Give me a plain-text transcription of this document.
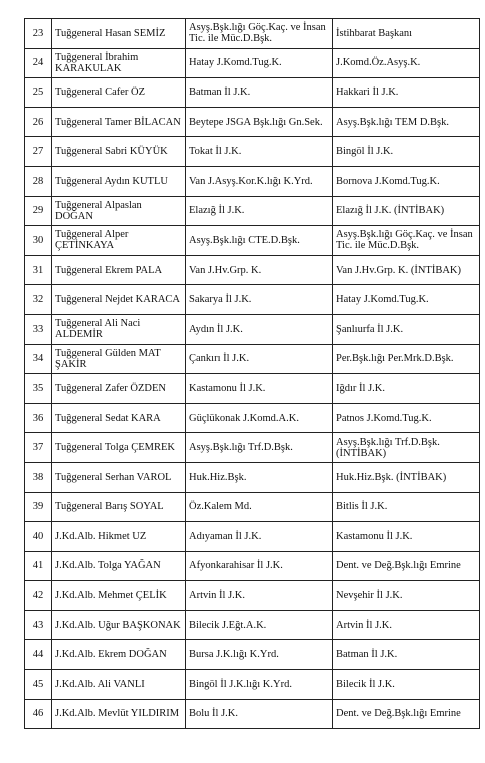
23	Tuğgeneral Hasan SEMİZ	Asyş.Bşk.lığı Göç.Kaç. ve İnsan Tic. ile Müc.D.Bşk.	İstihbarat Başkanı
24	Tuğgeneral İbrahim KARAKULAK	Hatay J.Komd.Tug.K.	J.Komd.Öz.Asyş.K.
25	Tuğgeneral Cafer ÖZ	Batman İl J.K.	Hakkari İl J.K.
26	Tuğgeneral Tamer BİLACAN	Beytepe JSGA Bşk.lığı Gn.Sek.	Asyş.Bşk.lığı TEM D.Bşk.
27	Tuğgeneral Sabri KÜYÜK	Tokat İl J.K.	Bingöl İl J.K.
28	Tuğgeneral Aydın KUTLU	Van J.Asyş.Kor.K.lığı K.Yrd.	Bornova J.Komd.Tug.K.
29	Tuğgeneral Alpaslan DOĞAN	Elazığ İl J.K.	Elazığ İl J.K. (İNTİBAK)
30	Tuğgeneral Alper ÇETİNKAYA	Asyş.Bşk.lığı CTE.D.Bşk.	Asyş.Bşk.lığı Göç.Kaç. ve İnsan Tic. ile Müc.D.Bşk.
31	Tuğgeneral Ekrem PALA	Van J.Hv.Grp. K.	Van J.Hv.Grp. K. (İNTİBAK)
32	Tuğgeneral Nejdet KARACA	Sakarya İl J.K.	Hatay J.Komd.Tug.K.
33	Tuğgeneral Ali Naci ALDEMİR	Aydın İl J.K.	Şanlıurfa İl J.K.
34	Tuğgeneral Gülden MAT ŞAKİR	Çankırı İl J.K.	Per.Bşk.lığı Per.Mrk.D.Bşk.
35	Tuğgeneral Zafer ÖZDEN	Kastamonu İl J.K.	Iğdır İl J.K.
36	Tuğgeneral Sedat KARA	Güçlükonak J.Komd.A.K.	Patnos J.Komd.Tug.K.
37	Tuğgeneral Tolga ÇEMREK	Asyş.Bşk.lığı Trf.D.Bşk.	Asyş.Bşk.lığı Trf.D.Bşk. (İNTİBAK)
38	Tuğgeneral Serhan VAROL	Huk.Hiz.Bşk.	Huk.Hiz.Bşk. (İNTİBAK)
39	Tuğgeneral Barış SOYAL	Öz.Kalem Md.	Bitlis İl J.K.
40	J.Kd.Alb. Hikmet UZ	Adıyaman İl J.K.	Kastamonu İl J.K.
41	J.Kd.Alb. Tolga YAĞAN	Afyonkarahisar İl J.K.	Dent. ve Değ.Bşk.lığı Emrine
42	J.Kd.Alb. Mehmet ÇELİK	Artvin İl J.K.	Nevşehir İl J.K.
43	J.Kd.Alb. Uğur BAŞKONAK	Bilecik J.Eğt.A.K.	Artvin İl J.K.
44	J.Kd.Alb. Ekrem DOĞAN	Bursa J.K.lığı K.Yrd.	Batman İl J.K.
45	J.Kd.Alb. Ali VANLI	Bingöl İl J.K.lığı K.Yrd.	Bilecik İl J.K.
46	J.Kd.Alb. Mevlüt YILDIRIM	Bolu İl J.K.	Dent. ve Değ.Bşk.lığı Emrine
